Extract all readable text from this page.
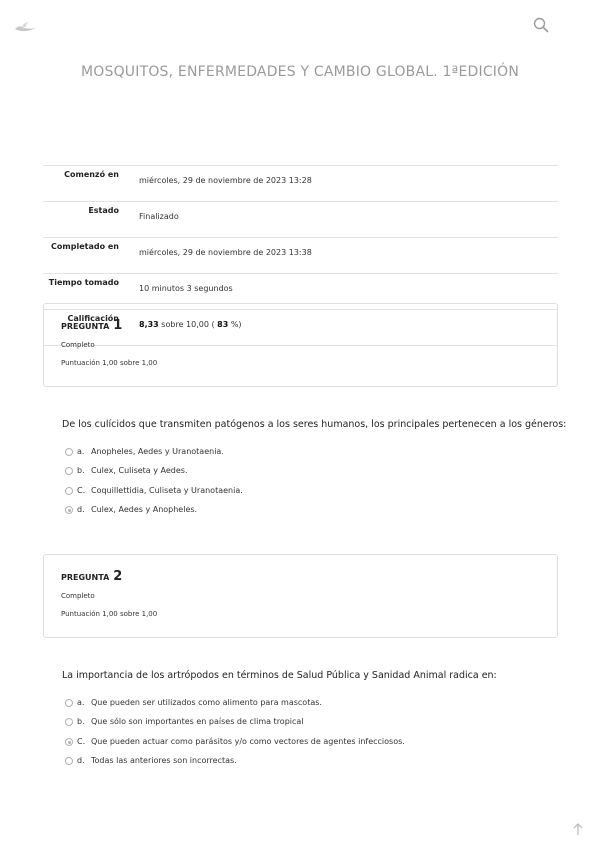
MOSQUITOS, ENFERMEDADES Y CAMBIO GLOBAL. 1ªEDICIÓN
Comenzó en	miércoles, 29 de noviembre de 2023 13:28
Estado	Finalizado
Completado en	miércoles, 29 de noviembre de 2023 13:38
Tiempo tomado	10 minutos 3 segundos
Calificación	8,33 sobre 10,00 ( 83 %)
PREGUNTA 1
Completo
Puntuación 1,00 sobre 1,00
De los culícidos que transmiten patógenos a los seres humanos, los principales pertenecen a los géneros:
a. Anopheles, Aedes y Uranotaenia.
b. Culex, Culiseta y Aedes.
C. Coquillettidia, Culiseta y Uranotaenia.
d. Culex, Aedes y Anopheles.
PREGUNTA 2
Completo
Puntuación 1,00 sobre 1,00
La importancia de los artrópodos en términos de Salud Pública y Sanidad Animal radica en:
a. Que pueden ser utilizados como alimento para mascotas.
b. Que sólo son importantes en países de clima tropical
C. Que pueden actuar como parásitos y/o como vectores de agentes infecciosos.
d. Todas las anteriores son incorrectas.
